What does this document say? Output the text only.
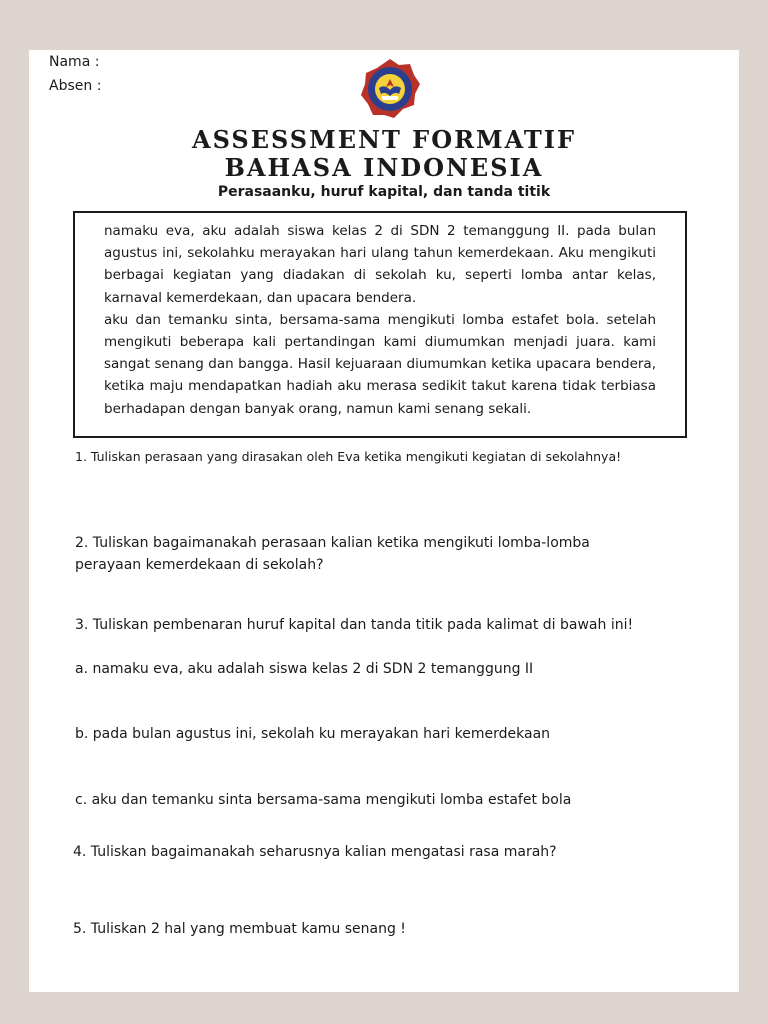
Nama :
Absen :
ASSESSMENT FORMATIF
BAHASA INDONESIA
Perasaanku, huruf kapital, dan tanda titik

namaku eva, aku adalah siswa kelas 2 di SDN 2 temanggung II. pada bulan agustus ini, sekolahku merayakan hari ulang tahun kemerdekaan. Aku mengikuti berbagai kegiatan yang diadakan di sekolah ku, seperti lomba antar kelas, karnaval kemerdekaan, dan upacara bendera.

aku dan temanku sinta, bersama-sama mengikuti lomba estafet bola. setelah mengikuti beberapa kali pertandingan kami diumumkan menjadi juara. kami sangat senang dan bangga. Hasil kejuaraan diumumkan ketika upacara bendera, ketika maju mendapatkan hadiah aku merasa sedikit takut karena tidak terbiasa berhadapan dengan banyak orang, namun kami senang sekali.

1. Tuliskan perasaan yang dirasakan oleh Eva ketika mengikuti kegiatan di sekolahnya!

2. Tuliskan bagaimanakah perasaan kalian ketika mengikuti lomba-lomba perayaan kemerdekaan di sekolah?

3. Tuliskan pembenaran huruf kapital dan tanda titik pada kalimat di bawah ini!

a. namaku eva, aku adalah siswa kelas 2 di SDN 2 temanggung II

b. pada bulan agustus ini, sekolah ku merayakan hari kemerdekaan

c. aku dan temanku sinta bersama-sama mengikuti lomba estafet bola

4. Tuliskan bagaimanakah seharusnya kalian mengatasi rasa marah?

5. Tuliskan 2 hal yang membuat kamu senang !
